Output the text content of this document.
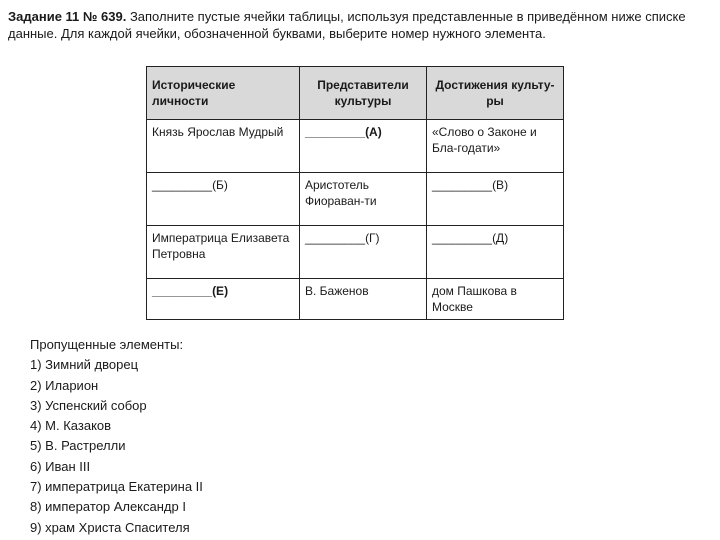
Задание 11 № 639. Заполните пустые ячейки таблицы, используя представленные в приведённом ниже списке данные. Для каждой ячейки, обозначенной буквами, выберите номер нужного элемента.
Исторические личности	Представители культуры	Достижения культу-ры
Князь Ярослав Мудрый	_________(А)	«Слово о Законе и Бла-годати»
_________(Б)	Аристотель Фиораван-ти	_________(В)
Императрица Елизавета Петровна	_________(Г)	_________(Д)
_________(Е)	В. Баженов	дом Пашкова в Москве
Пропущенные элементы:
1) Зимний дворец
2) Иларион
3) Успенский собор
4) М. Казаков
5) В. Растрелли
6) Иван III
7) императрица Екатерина II
8) император Александр I
9) храм Христа Спасителя
